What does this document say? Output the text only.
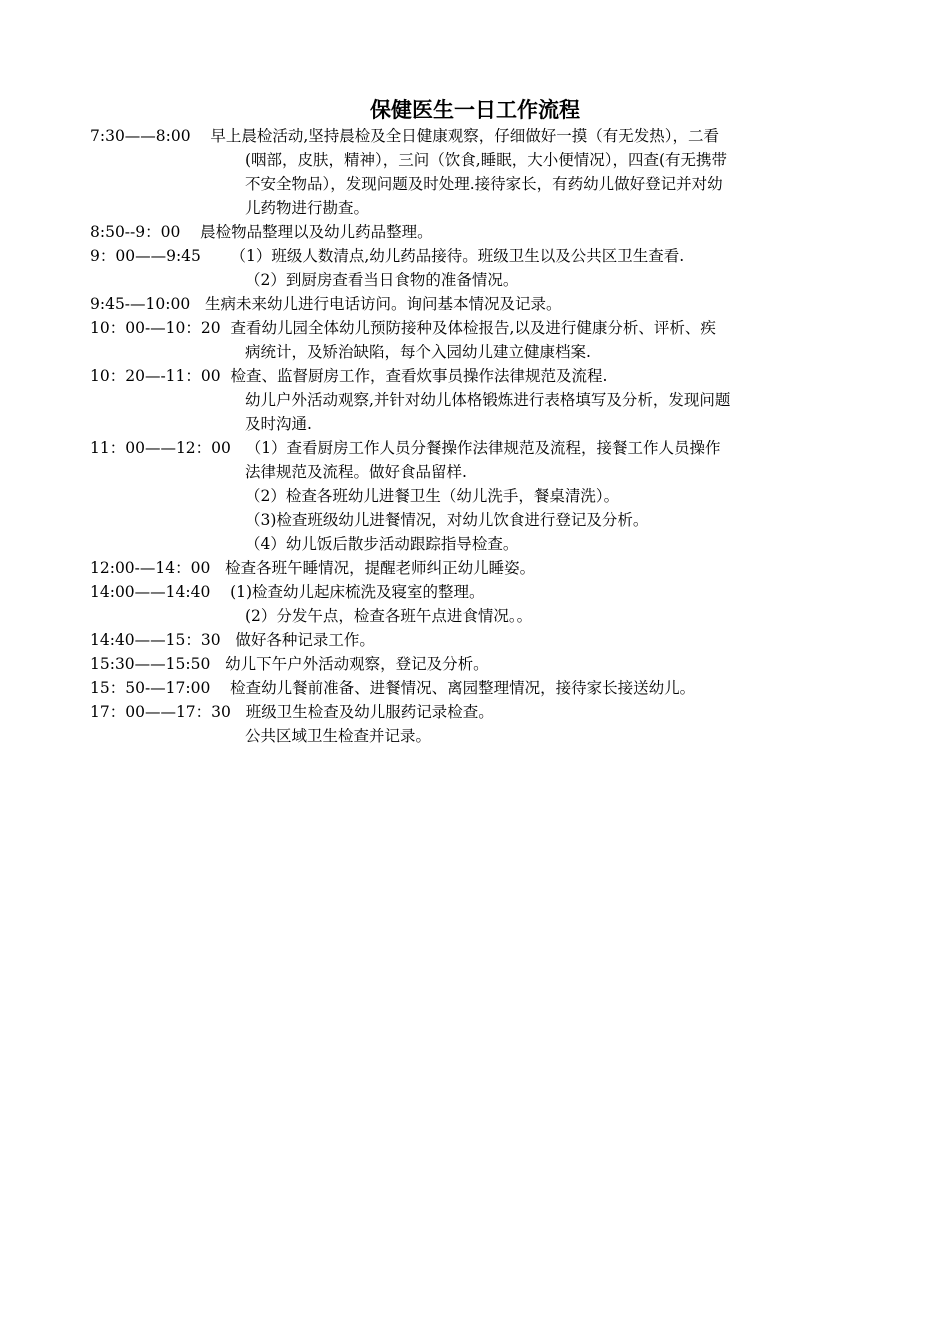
保健医生一日工作流程
7:30——8:00 早上晨检活动,坚持晨检及全日健康观察，仔细做好一摸（有无发热），二看
(咽部，皮肤，精神），三问（饮食,睡眠，大小便情况），四查(有无携带
不安全物品），发现问题及时处理.接待家长，有药幼儿做好登记并对幼
儿药物进行勘查。
8:50--9：00 晨检物品整理以及幼儿药品整理。
9：00——9:45 （1）班级人数清点,幼儿药品接待。班级卫生以及公共区卫生查看.
（2）到厨房查看当日食物的准备情况。
9:45-—10:00 生病未来幼儿进行电话访问。询问基本情况及记录。
10：00-—10：20 查看幼儿园全体幼儿预防接种及体检报告,以及进行健康分析、评析、疾
病统计，及矫治缺陷，每个入园幼儿建立健康档案.
10：20—-11：00 检查、监督厨房工作，查看炊事员操作法律规范及流程.
幼儿户外活动观察,并针对幼儿体格锻炼进行表格填写及分析，发现问题
及时沟通.
11：00——12：00 （1）查看厨房工作人员分餐操作法律规范及流程，接餐工作人员操作
法律规范及流程。做好食品留样.
（2）检查各班幼儿进餐卫生（幼儿洗手，餐桌清洗）。
（3)检查班级幼儿进餐情况，对幼儿饮食进行登记及分析。
（4）幼儿饭后散步活动跟踪指导检查。
12:00-—14：00 检查各班午睡情况，提醒老师纠正幼儿睡姿。
14:00——14:40 (1)检查幼儿起床梳洗及寝室的整理。
(2）分发午点，检查各班午点进食情况。。
14:40——15：30 做好各种记录工作。
15:30——15:50 幼儿下午户外活动观察，登记及分析。
15：50-—17:00 检查幼儿餐前准备、进餐情况、离园整理情况，接待家长接送幼儿。
17：00——17：30 班级卫生检查及幼儿服药记录检查。
公共区域卫生检查并记录。
